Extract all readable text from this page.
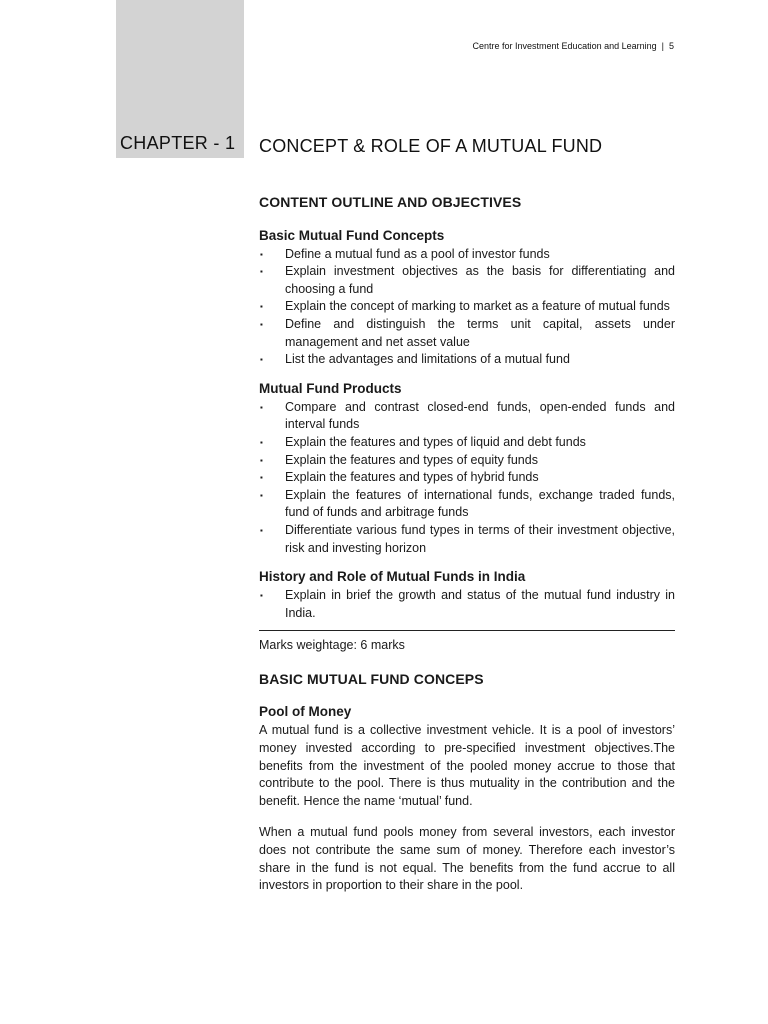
CHAPTER - 1
Centre for Investment Education and Learning | 5
CONCEPT & ROLE OF A MUTUAL FUND
CONTENT OUTLINE AND OBJECTIVES
Basic Mutual Fund Concepts
▪ Define a mutual fund as a pool of investor funds
▪ Explain investment objectives as the basis for differentiating and choosing a fund
▪ Explain the concept of marking to market as a feature of mutual funds
▪ Define and distinguish the terms unit capital, assets under management and net asset value
▪ List the advantages and limitations of a mutual fund
Mutual Fund Products
▪ Compare and contrast closed-end funds, open-ended funds and interval funds
▪ Explain the features and types of liquid and debt funds
▪ Explain the features and types of equity funds
▪ Explain the features and types of hybrid funds
▪ Explain the features of international funds, exchange traded funds, fund of funds and arbitrage funds
▪ Differentiate various fund types in terms of their investment objective, risk and investing horizon
History and Role of Mutual Funds in India
▪ Explain in brief the growth and status of the mutual fund industry in India.
Marks weightage: 6 marks
BASIC MUTUAL FUND CONCEPS
Pool of Money

A mutual fund is a collective investment vehicle. It is a pool of investors’ money invested according to pre-specified investment objectives.The benefits from the investment of the pooled money accrue to those that contribute to the pool. There is thus mutuality in the contribution and the benefit. Hence the name ‘mutual’ fund.

When a mutual fund pools money from several investors, each investor does not contribute the same sum of money. Therefore each investor’s share in the fund is not equal. The benefits from the fund accrue to all investors in proportion to their share in the pool.
